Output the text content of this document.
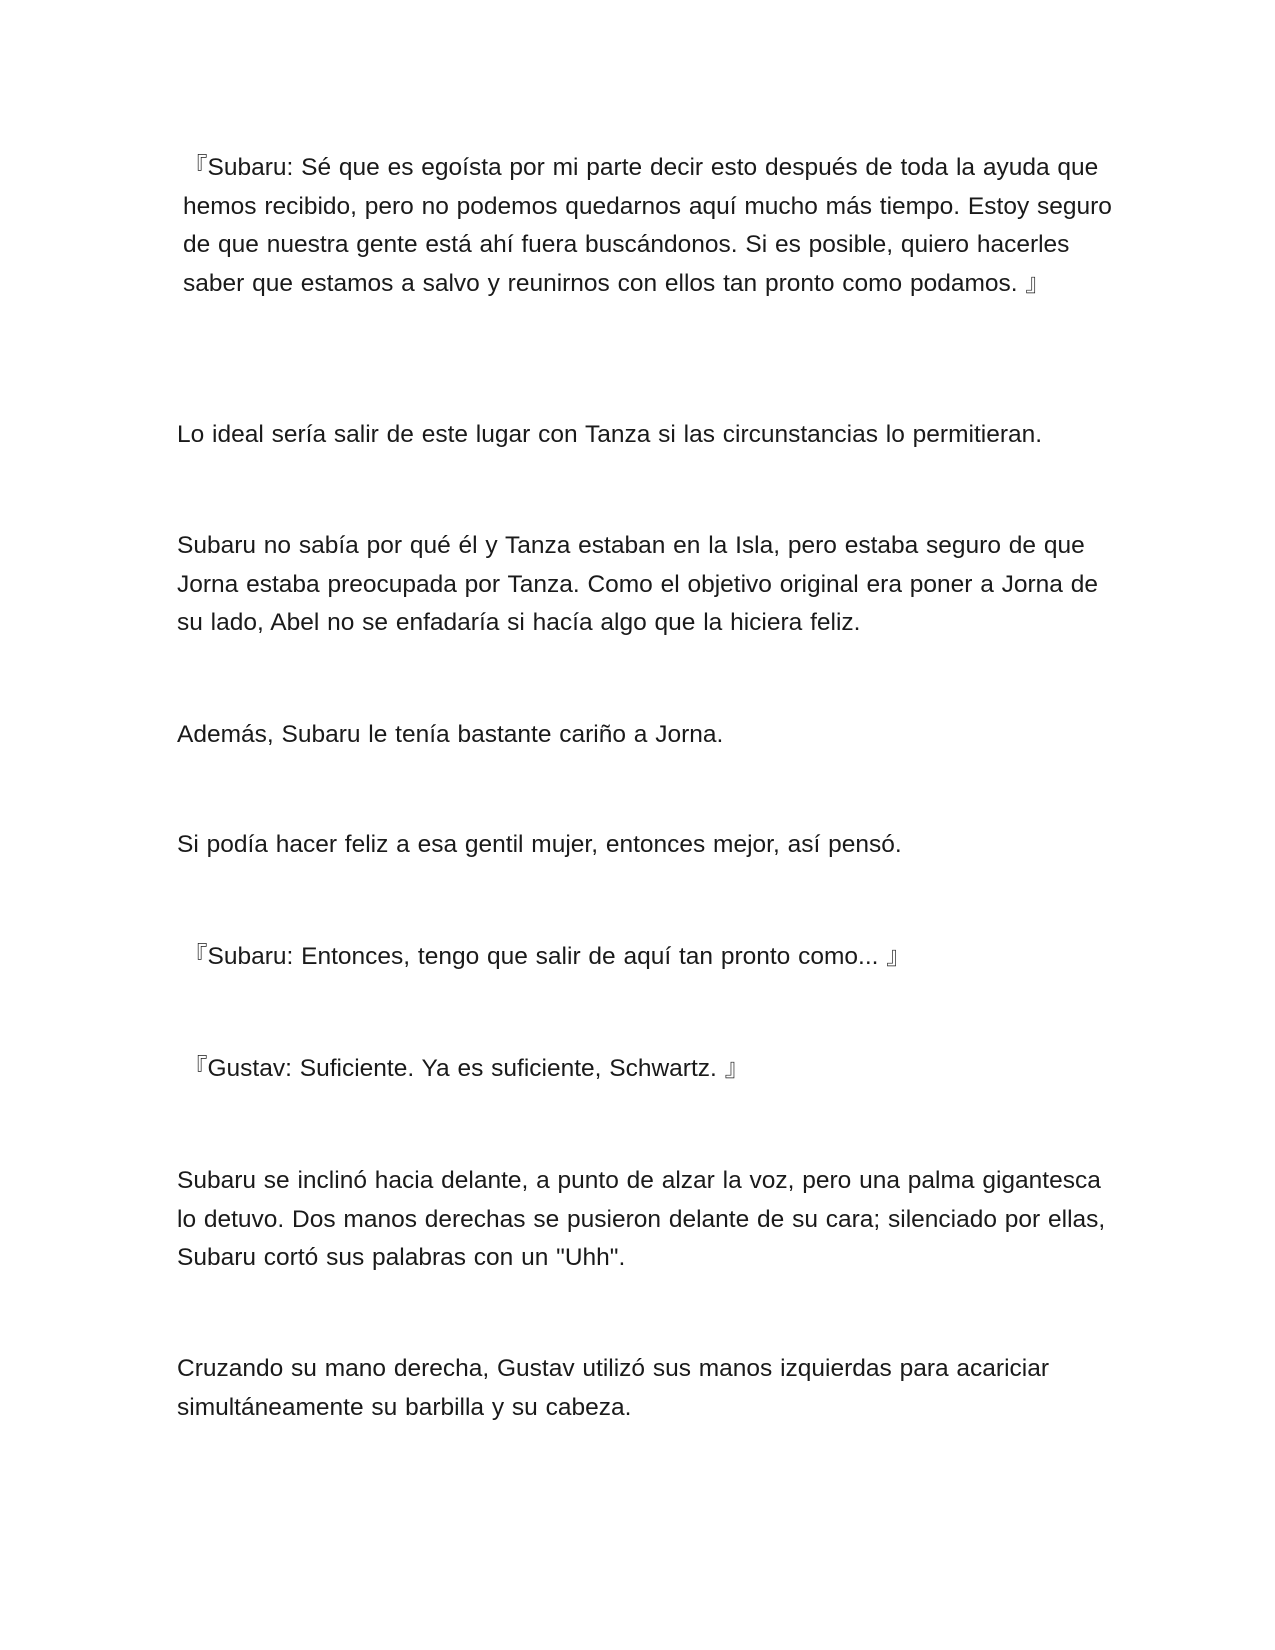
『Subaru: Sé que es egoísta por mi parte decir esto después de toda la ayuda que hemos recibido, pero no podemos quedarnos aquí mucho más tiempo. Estoy seguro de que nuestra gente está ahí fuera buscándonos. Si es posible, quiero hacerles saber que estamos a salvo y reunirnos con ellos tan pronto como podamos. 』

Lo ideal sería salir de este lugar con Tanza si las circunstancias lo permitieran.

Subaru no sabía por qué él y Tanza estaban en la Isla, pero estaba seguro de que Jorna estaba preocupada por Tanza. Como el objetivo original era poner a Jorna de su lado, Abel no se enfadaría si hacía algo que la hiciera feliz.

Además, Subaru le tenía bastante cariño a Jorna.

Si podía hacer feliz a esa gentil mujer, entonces mejor, así pensó.

『Subaru: Entonces, tengo que salir de aquí tan pronto como... 』

『Gustav: Suficiente. Ya es suficiente, Schwartz. 』

Subaru se inclinó hacia delante, a punto de alzar la voz, pero una palma gigantesca lo detuvo. Dos manos derechas se pusieron delante de su cara; silenciado por ellas, Subaru cortó sus palabras con un "Uhh".

Cruzando su mano derecha, Gustav utilizó sus manos izquierdas para acariciar simultáneamente su barbilla y su cabeza.
